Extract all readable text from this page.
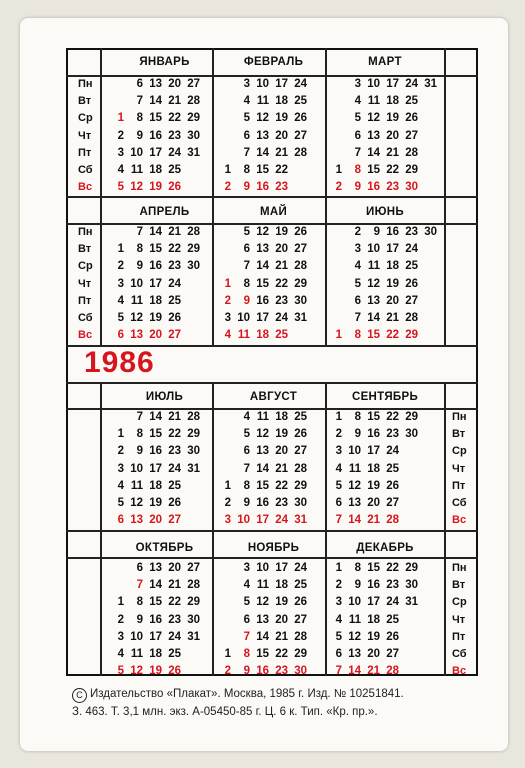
Пн
Вт
Ср
Чт
Пт
Сб
Вс
ЯНВАРЬ
1
2
3
4
5
6
7
8
9
10
11
12
13
14
15
16
17
18
19
20
21
22
23
24
25
26
27
28
29
30
31
ФЕВРАЛЬ
1
2
3
4
5
6
7
8
9
10
11
12
13
14
15
16
17
18
19
20
21
22
23
24
25
26
27
28
МАРТ
1
2
3
4
5
6
7
8
9
10
11
12
13
14
15
16
17
18
19
20
21
22
23
24
25
26
27
28
29
30
31
Пн
Вт
Ср
Чт
Пт
Сб
Вс
АПРЕЛЬ
1
2
3
4
5
6
7
8
9
10
11
12
13
14
15
16
17
18
19
20
21
22
23
24
25
26
27
28
29
30
МАЙ
1
2
3
4
5
6
7
8
9
10
11
12
13
14
15
16
17
18
19
20
21
22
23
24
25
26
27
28
29
30
31
ИЮНЬ
1
2
3
4
5
6
7
8
9
10
11
12
13
14
15
16
17
18
19
20
21
22
23
24
25
26
27
28
29
30
Пн
Вт
Ср
Чт
Пт
Сб
Вс
ИЮЛЬ
1
2
3
4
5
6
7
8
9
10
11
12
13
14
15
16
17
18
19
20
21
22
23
24
25
26
27
28
29
30
31
АВГУСТ
1
2
3
4
5
6
7
8
9
10
11
12
13
14
15
16
17
18
19
20
21
22
23
24
25
26
27
28
29
30
31
СЕНТЯБРЬ
1
2
3
4
5
6
7
8
9
10
11
12
13
14
15
16
17
18
19
20
21
22
23
24
25
26
27
28
29
30
Пн
Вт
Ср
Чт
Пт
Сб
Вс
ОКТЯБРЬ
1
2
3
4
5
6
7
8
9
10
11
12
13
14
15
16
17
18
19
20
21
22
23
24
25
26
27
28
29
30
31
НОЯБРЬ
1
2
3
4
5
6
7
8
9
10
11
12
13
14
15
16
17
18
19
20
21
22
23
24
25
26
27
28
29
30
ДЕКАБРЬ
1
2
3
4
5
6
7
8
9
10
11
12
13
14
15
16
17
18
19
20
21
22
23
24
25
26
27
28
29
30
31
1986
C Издательство «Плакат». Москва, 1985 г. Изд. № 10251841.
З. 463. Т. 3,1 млн. экз. А-05450-85 г. Ц. 6 к. Тип. «Кр. пр.».
